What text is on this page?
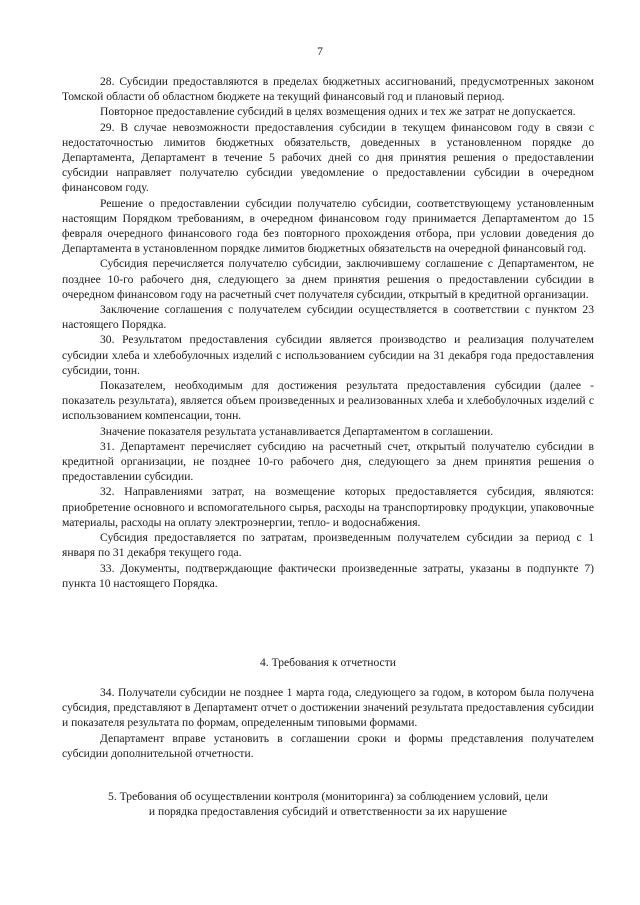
7

28. Субсидии предоставляются в пределах бюджетных ассигнований, предусмотренных законом Томской области об областном бюджете на текущий финансовый год и плановый период.

Повторное предоставление субсидий в целях возмещения одних и тех же затрат не допускается.

29. В случае невозможности предоставления субсидии в текущем финансовом году в связи с недостаточностью лимитов бюджетных обязательств, доведенных в установленном порядке до Департамента, Департамент в течение 5 рабочих дней со дня принятия решения о предоставлении субсидии направляет получателю субсидии уведомление о предоставлении субсидии в очередном финансовом году.

Решение о предоставлении субсидии получателю субсидии, соответствующему установленным настоящим Порядком требованиям, в очередном финансовом году принимается Департаментом до 15 февраля очередного финансового года без повторного прохождения отбора, при условии доведения до Департамента в установленном порядке лимитов бюджетных обязательств на очередной финансовый год.

Субсидия перечисляется получателю субсидии, заключившему соглашение с Департаментом, не позднее 10-го рабочего дня, следующего за днем принятия решения о предоставлении субсидии в очередном финансовом году на расчетный счет получателя субсидии, открытый в кредитной организации.

Заключение соглашения с получателем субсидии осуществляется в соответствии с пунктом 23 настоящего Порядка.

30. Результатом предоставления субсидии является производство и реализация получателем субсидии хлеба и хлебобулочных изделий с использованием субсидии на 31 декабря года предоставления субсидии, тонн.

Показателем, необходимым для достижения результата предоставления субсидии (далее - показатель результата), является объем произведенных и реализованных хлеба и хлебобулочных изделий с использованием компенсации, тонн.

Значение показателя результата устанавливается Департаментом в соглашении.

31. Департамент перечисляет субсидию на расчетный счет, открытый получателю субсидии в кредитной организации, не позднее 10-го рабочего дня, следующего за днем принятия решения о предоставлении субсидии.

32. Направлениями затрат, на возмещение которых предоставляется субсидия, являются: приобретение основного и вспомогательного сырья, расходы на транспортировку продукции, упаковочные материалы, расходы на оплату электроэнергии, тепло- и водоснабжения.

Субсидия предоставляется по затратам, произведенным получателем субсидии за период с 1 января по 31 декабря текущего года.

33. Документы, подтверждающие фактически произведенные затраты, указаны в подпункте 7) пункта 10 настоящего Порядка.

4. Требования к отчетности

34. Получатели субсидии не позднее 1 марта года, следующего за годом, в котором была получена субсидия, представляют в Департамент отчет о достижении значений результата предоставления субсидии и показателя результата по формам, определенным типовыми формами.

Департамент вправе установить в соглашении сроки и формы представления получателем субсидии дополнительной отчетности.

5. Требования об осуществлении контроля (мониторинга) за соблюдением условий, цели
и порядка предоставления субсидий и ответственности за их нарушение
